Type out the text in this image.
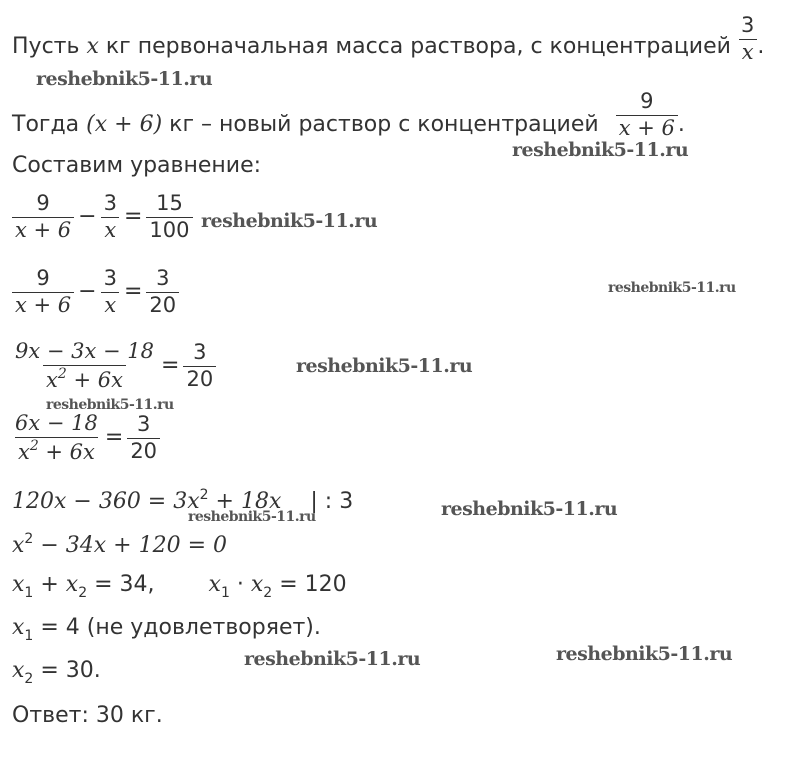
Пусть x кг первоначальная масса раствора, с концентрацией $\frac{3}{x}$ .
Тогда (x + 6) кг – новый раствор с концентрацией $\frac{9}{x + 6}$ .
Составим уравнение:
$\frac{9}{x + 6} - \frac{3}{x} = \frac{15}{100}$
$\frac{9}{x + 6} - \frac{3}{x} = \frac{3}{20}$
$\frac{9x - 3x - 18}{x^2 + 6x} = \frac{3}{20}$
$\frac{6x - 18}{x^2 + 6x} = \frac{3}{20}$
$120x - 360 = 3x^2 + 18x$ | : 3
$x^2 - 34x + 120 = 0$
$x_1 + x_2 = 34$, $x_1 \cdot x_2 = 120$
$x_1 = 4$ (не удовлетворяет).
$x_2 = 30$.
Ответ: 30 кг.
reshebnik5-11.ru
reshebnik5-11.ru
reshebnik5-11.ru
reshebnik5-11.ru
reshebnik5-11.ru
reshebnik5-11.ru
reshebnik5-11.ru
reshebnik5-11.ru
reshebnik5-11.ru	reshebnik5-11.ru
